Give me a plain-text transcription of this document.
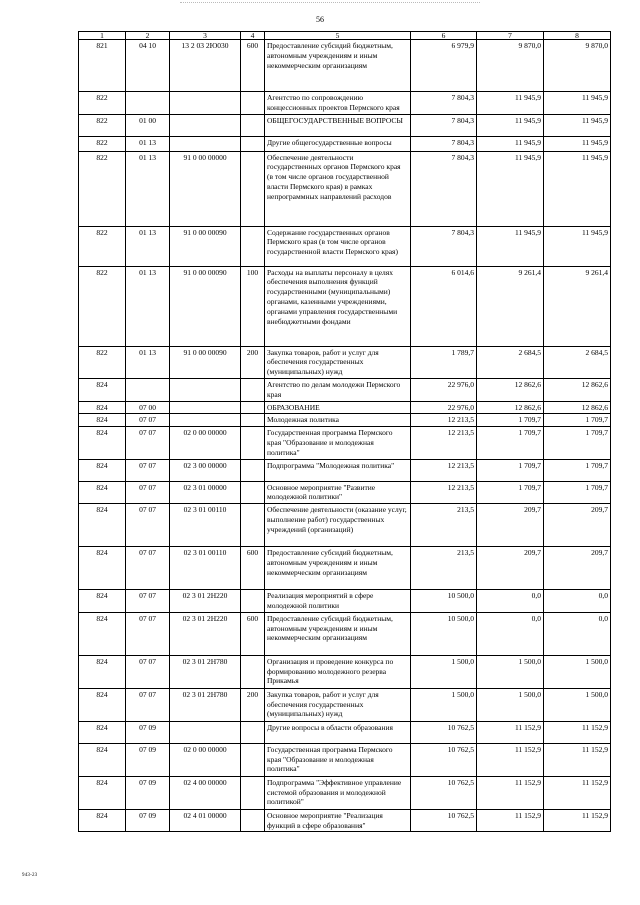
56
1	2	3	4	5	6	7	8
821	04 10	13 2 03 2Ю030	600	Предоставление субсидий бюджетным, автономным учреждениям и иным некоммерческим организациям	6 979,9	9 870,0	9 870,0
822				Агентство по сопровождению концессионных проектов Пермского края	7 804,3	11 945,9	11 945,9
822	01 00			ОБЩЕГОСУДАРСТВЕННЫЕ ВОПРОСЫ	7 804,3	11 945,9	11 945,9
822	01 13			Другие общегосударственные вопросы	7 804,3	11 945,9	11 945,9
822	01 13	91 0 00 00000		Обеспечение деятельности государственных органов Пермского края (в том числе органов государственной власти Пермского края) в рамках непрограммных направлений расходов	7 804,3	11 945,9	11 945,9
822	01 13	91 0 00 00090		Содержание государственных органов Пермского края (в том числе органов государственной власти Пермского края)	7 804,3	11 945,9	11 945,9
822	01 13	91 0 00 00090	100	Расходы на выплаты персоналу в целях обеспечения выполнения функций государственными (муниципальными) органами, казенными учреждениями, органами управления государственными внебюджетными фондами	6 014,6	9 261,4	9 261,4
822	01 13	91 0 00 00090	200	Закупка товаров, работ и услуг для обеспечения государственных (муниципальных) нужд	1 789,7	2 684,5	2 684,5
824				Агентство по делам молодежи Пермского края	22 976,0	12 862,6	12 862,6
824	07 00			ОБРАЗОВАНИЕ	22 976,0	12 862,6	12 862,6
824	07 07			Молодежная политика	12 213,5	1 709,7	1 709,7
824	07 07	02 0 00 00000		Государственная программа Пермского края "Образование и молодежная политика"	12 213,5	1 709,7	1 709,7
824	07 07	02 3 00 00000		Подпрограмма "Молодежная политика"	12 213,5	1 709,7	1 709,7
824	07 07	02 3 01 00000		Основное мероприятие "Развитие молодежной политики"	12 213,5	1 709,7	1 709,7
824	07 07	02 3 01 00110		Обеспечение деятельности (оказание услуг, выполнение работ) государственных учреждений (организаций)	213,5	209,7	209,7
824	07 07	02 3 01 00110	600	Предоставление субсидий бюджетным, автономным учреждениям и иным некоммерческим организациям	213,5	209,7	209,7
824	07 07	02 3 01 2Н220		Реализация мероприятий в сфере молодежной политики	10 500,0	0,0	0,0
824	07 07	02 3 01 2Н220	600	Предоставление субсидий бюджетным, автономным учреждениям и иным некоммерческим организациям	10 500,0	0,0	0,0
824	07 07	02 3 01 2Н780		Организация и проведение конкурса по формированию молодежного резерва Прикамья	1 500,0	1 500,0	1 500,0
824	07 07	02 3 01 2Н780	200	Закупка товаров, работ и услуг для обеспечения государственных (муниципальных) нужд	1 500,0	1 500,0	1 500,0
824	07 09			Другие вопросы в области образования	10 762,5	11 152,9	11 152,9
824	07 09	02 0 00 00000		Государственная программа Пермского края "Образование и молодежная политика"	10 762,5	11 152,9	11 152,9
824	07 09	02 4 00 00000		Подпрограмма "Эффективное управление системой образования и молодежной политикой"	10 762,5	11 152,9	11 152,9
824	07 09	02 4 01 00000		Основное мероприятие "Реализация функций в сфере образования"	10 762,5	11 152,9	11 152,9
943-23
